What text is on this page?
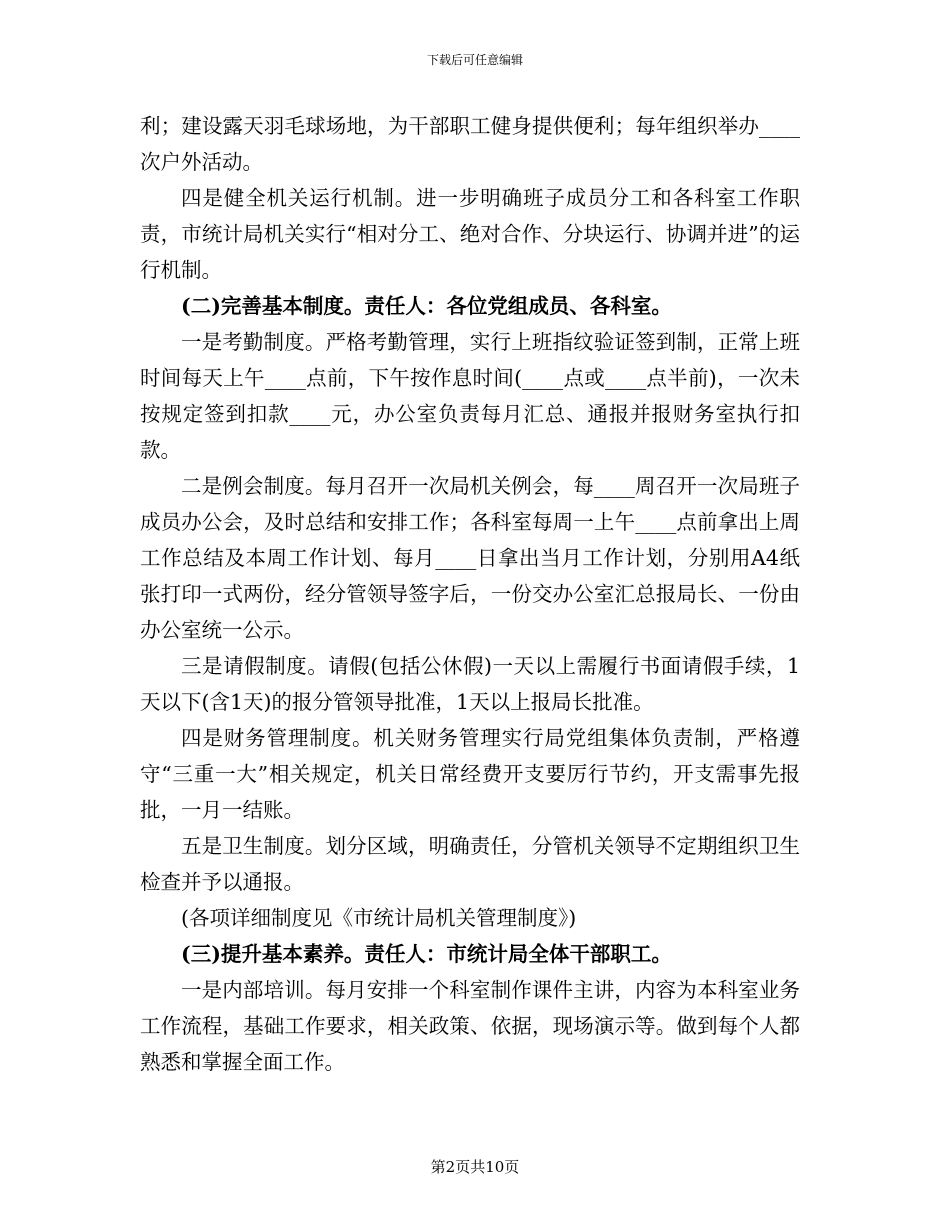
下载后可任意编辑

利；建设露天羽毛球场地，为干部职工健身提供便利；每年组织举办____次户外活动。

四是健全机关运行机制。进一步明确班子成员分工和各科室工作职责，市统计局机关实行“相对分工、绝对合作、分块运行、协调并进”的运行机制。

(二)完善基本制度。责任人：各位党组成员、各科室。

一是考勤制度。严格考勤管理，实行上班指纹验证签到制，正常上班时间每天上午____点前，下午按作息时间(____点或____点半前)，一次未按规定签到扣款____元，办公室负责每月汇总、通报并报财务室执行扣款。

二是例会制度。每月召开一次局机关例会，每____周召开一次局班子成员办公会，及时总结和安排工作；各科室每周一上午____点前拿出上周工作总结及本周工作计划、每月____日拿出当月工作计划，分别用A4纸张打印一式两份，经分管领导签字后，一份交办公室汇总报局长、一份由办公室统一公示。

三是请假制度。请假(包括公休假)一天以上需履行书面请假手续，1天以下(含1天)的报分管领导批准，1天以上报局长批准。

四是财务管理制度。机关财务管理实行局党组集体负责制，严格遵守“三重一大”相关规定，机关日常经费开支要厉行节约，开支需事先报批，一月一结账。

五是卫生制度。划分区域，明确责任，分管机关领导不定期组织卫生检查并予以通报。

(各项详细制度见《市统计局机关管理制度》)

(三)提升基本素养。责任人：市统计局全体干部职工。

一是内部培训。每月安排一个科室制作课件主讲，内容为本科室业务工作流程，基础工作要求，相关政策、依据，现场演示等。做到每个人都熟悉和掌握全面工作。

第2页共10页
